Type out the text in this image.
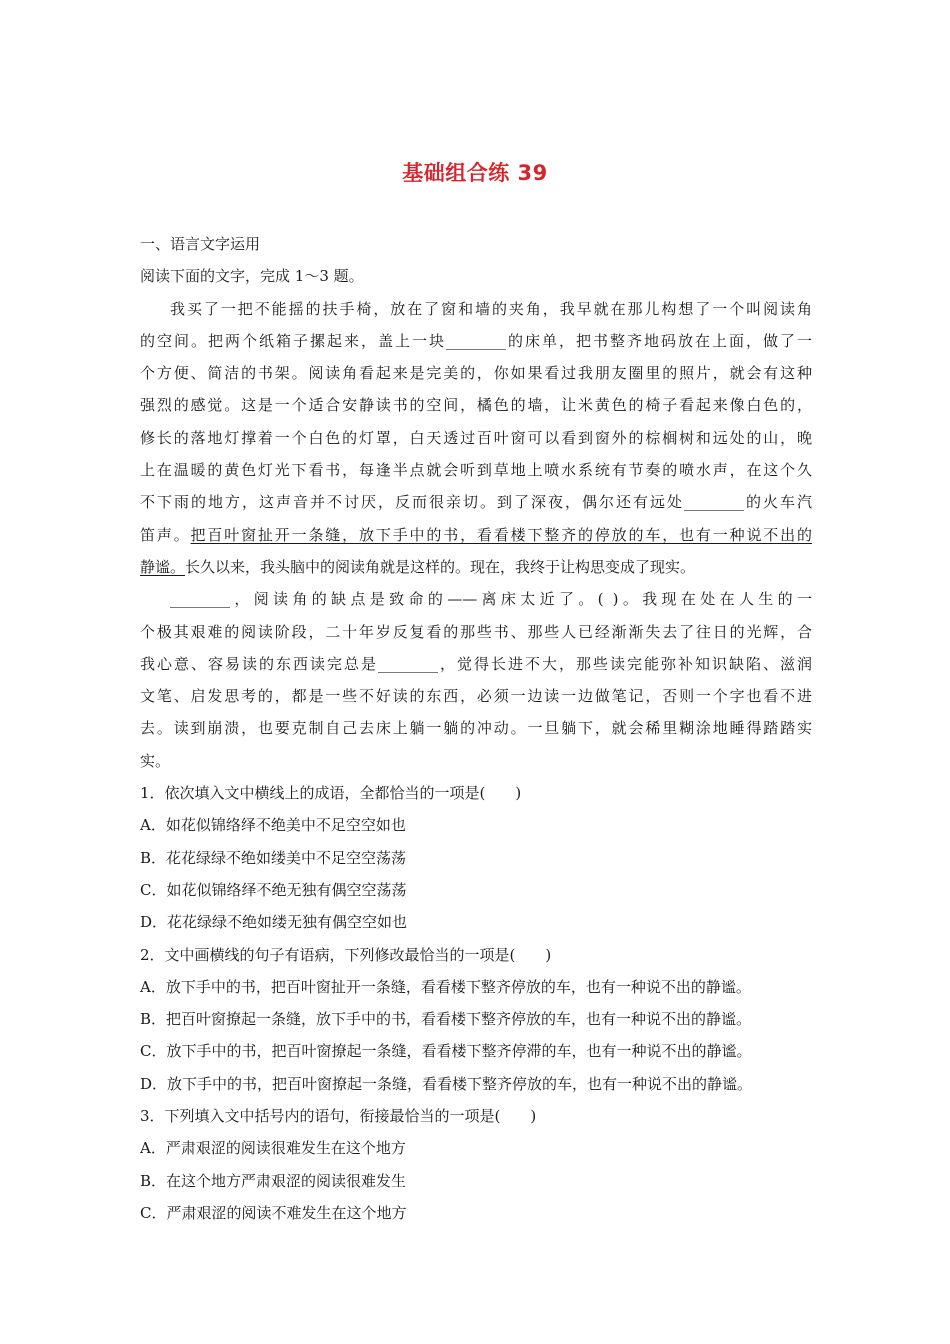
基础组合练 39
一、语言文字运用
阅读下面的文字，完成 1～3 题。
我买了一把不能摇的扶手椅，放在了窗和墙的夹角，我早就在那儿构想了一个叫阅读角
的空间。把两个纸箱子摞起来，盖上一块________的床单，把书整齐地码放在上面，做了一
个方便、简洁的书架。阅读角看起来是完美的，你如果看过我朋友圈里的照片，就会有这种
强烈的感觉。这是一个适合安静读书的空间，橘色的墙，让米黄色的椅子看起来像白色的，
修长的落地灯撑着一个白色的灯罩，白天透过百叶窗可以看到窗外的棕榈树和远处的山，晚
上在温暖的黄色灯光下看书，每逢半点就会听到草地上喷水系统有节奏的喷水声，在这个久
不下雨的地方，这声音并不讨厌，反而很亲切。到了深夜，偶尔还有远处________的火车汽
笛声。把百叶窗扯开一条缝，放下手中的书，看看楼下整齐的停放的车，也有一种说不出的
静谧。长久以来，我头脑中的阅读角就是这样的。现在，我终于让构思变成了现实。
________，阅读角的缺点是致命的——离床太近了。( )。我现在处在人生的一
个极其艰难的阅读阶段，二十年岁反复看的那些书、那些人已经渐渐失去了往日的光辉，合
我心意、容易读的东西读完总是________，觉得长进不大，那些读完能弥补知识缺陷、滋润
文笔、启发思考的，都是一些不好读的东西，必须一边读一边做笔记，否则一个字也看不进
去。读到崩溃，也要克制自己去床上躺一躺的冲动。一旦躺下，就会稀里糊涂地睡得踏踏实
实。
1．依次填入文中横线上的成语，全都恰当的一项是(　　)
A．如花似锦络绎不绝美中不足空空如也
B．花花绿绿不绝如缕美中不足空空荡荡
C．如花似锦络绎不绝无独有偶空空荡荡
D．花花绿绿不绝如缕无独有偶空空如也
2．文中画横线的句子有语病，下列修改最恰当的一项是(　　)
A．放下手中的书，把百叶窗扯开一条缝，看看楼下整齐停放的车，也有一种说不出的静谧。
B．把百叶窗撩起一条缝，放下手中的书，看看楼下整齐停放的车，也有一种说不出的静谧。
C．放下手中的书，把百叶窗撩起一条缝，看看楼下整齐停滞的车，也有一种说不出的静谧。
D．放下手中的书，把百叶窗撩起一条缝，看看楼下整齐停放的车，也有一种说不出的静谧。
3．下列填入文中括号内的语句，衔接最恰当的一项是(　　)
A．严肃艰涩的阅读很难发生在这个地方
B．在这个地方严肃艰涩的阅读很难发生
C．严肃艰涩的阅读不难发生在这个地方
